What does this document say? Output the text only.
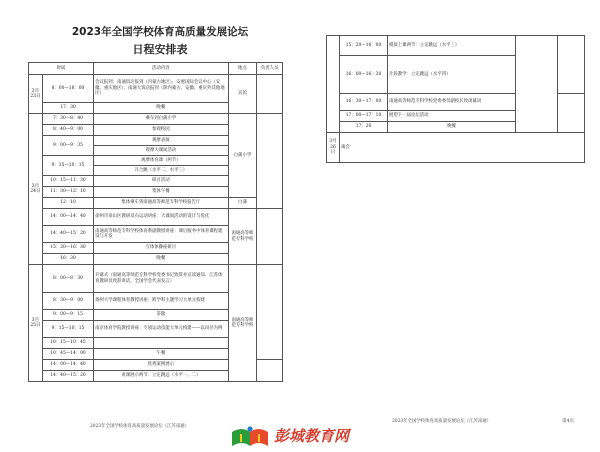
2023年全国学校体育高质量发展论坛
日程安排表
时间		活动内容	地点	负责人员
3月23日	8：00—18：00	会议报到：南通饭店报到（内蒙古地区）、安惠国际会议中心（安徽、重庆地区）、南通大饭店报到（除内蒙古、安徽、重庆外其他地区）	宾馆	
	17：30	晚餐		
3月24日	7：30—8：40	乘车到白蒲小学	白蒲小学	
	8：40—9：00	参观校园		
	9：00—9：35	观摩表演		
		观摩大课间活动		
	9：35—10：15	观摩体育课（两节）		
		开合跳（水平二，水平三）		
	10：15—11：30	研讨活动		
	11：30—12：10	集体午餐		
	12：10	集体乘车到南通高等师范专科学校报告厅	白蒲	
	14：00—14：40	徐州市泉山区教研员石运动讲座：大课间活动的设计与优化	南通高等师范专科学校	
	14：40—15：20	南通高等师范专科学校体育系副教授讲座：课后服务中体育课程建设与开发		
	15：20—16：30	互体体操座研讨		
	16：30	晚餐		
3月25日	8：00—8：30	开幕式（南通高等师范专科学校党委书记致辞并宣读通知、江苏体育教研员致辞讲话、全国学会代表发言）	南通高等师范专科学校	
	8：30—9：00	扬州大学课程体育教授讲座：跨学科主题学习大单元构建		
	9：00—9：15	茶歇		
	9：15—10：15	南京体育学院教授讲座：专项运动技能大单元构建——以田径为例		
	10：15—10：45			
	10：45—14：00	午餐		
	14：00—14：40	优秀案例展示		
	14：40—15：20	说课展示两节：立定跳远（水平一、二）		
	15：20—16：00	模拟上课两节：立定跳远（水平三）		
	16：00—16：30	片段教学：立定跳远（水平四）		
	16：30—17：00	南通高等师范专科学校党委委员副校长致闭幕词		
	17：00—17：10	展望下一届论坛活动		
	17：20	晚餐		
3月26日	离会			
2023年全国学校体育高质量发展论坛（江苏南通）
2023年全国学校体育高质量发展论坛（江苏南通）	第4页
彭城教育网
